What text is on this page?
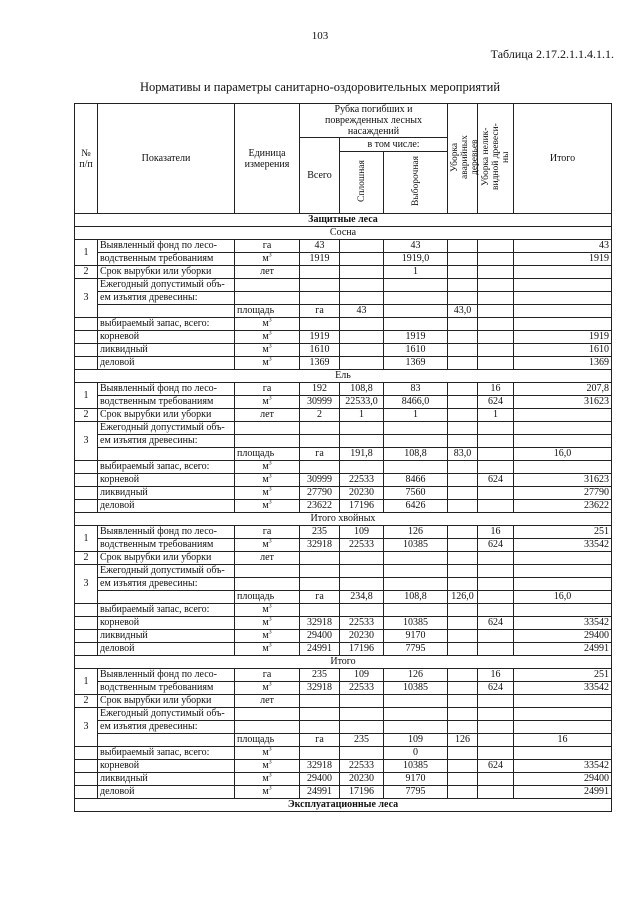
103
Таблица 2.17.2.1.1.4.1.1.
Нормативы и параметры санитарно-оздоровительных мероприятий
№ п/п	Показатели	Единица измерения	Рубка погибших и поврежденных лесных насаждений			Уборка аварийных деревьев	Уборка нелик-видной древеси-ны	Итого	
			Всего	в том числе:					
				Сплошная	Выборочная				
Защитные леса									
Сосна									
1	Выявленный фонд по лесо-	га	43		43			43	
	водственным требованиям	$м^3$	1919		1919,0			1919	
2	Срок вырубки или уборки	лет			1				
3	Ежегодный допустимый объ-								
	ем изъятия древесины:								
		площадь	га	43		43,0			
	выбираемый запас, всего:	$м^3$						
	корневой	$м^3$	1919		1919			1919	
	ликвидный	$м^3$	1610		1610			1610	
	деловой	$м^3$	1369		1369			1369	
Ель									
1	Выявленный фонд по лесо-	га	192	108,8	83		16	207,8	
	водственным требованиям	$м^3$	30999	22533,0	8466,0		624	31623	
2	Срок вырубки или уборки	лет	2	1	1		1		
3	Ежегодный допустимый объ-								
	ем изъятия древесины:								
		площадь	га	191,8	108,8	83,0		16,0	
	выбираемый запас, всего:	$м^3$						
	корневой	$м^3$	30999	22533	8466		624	31623	
	ликвидный	$м^3$	27790	20230	7560			27790	
	деловой	$м^3$	23622	17196	6426			23622	
Итого хвойных									
1	Выявленный фонд по лесо-	га	235	109	126		16	251	
	водственным требованиям	$м^3$	32918	22533	10385		624	33542	
2	Срок вырубки или уборки	лет							
3	Ежегодный допустимый объ-								
	ем изъятия древесины:								
		площадь	га	234,8	108,8	126,0		16,0	
	выбираемый запас, всего:	$м^3$						
	корневой	$м^3$	32918	22533	10385		624	33542	
	ликвидный	$м^3$	29400	20230	9170			29400	
	деловой	$м^3$	24991	17196	7795			24991	
Итого									
1	Выявленный фонд по лесо-	га	235	109	126		16	251	
	водственным требованиям	$м^3$	32918	22533	10385		624	33542	
2	Срок вырубки или уборки	лет							
3	Ежегодный допустимый объ-								
	ем изъятия древесины:								
		площадь	га	235	109	126		16	
	выбираемый запас, всего:	$м^3$			0				
	корневой	$м^3$	32918	22533	10385		624	33542	
	ликвидный	$м^3$	29400	20230	9170			29400	
	деловой	$м^3$	24991	17196	7795			24991	
Эксплуатационные леса									
